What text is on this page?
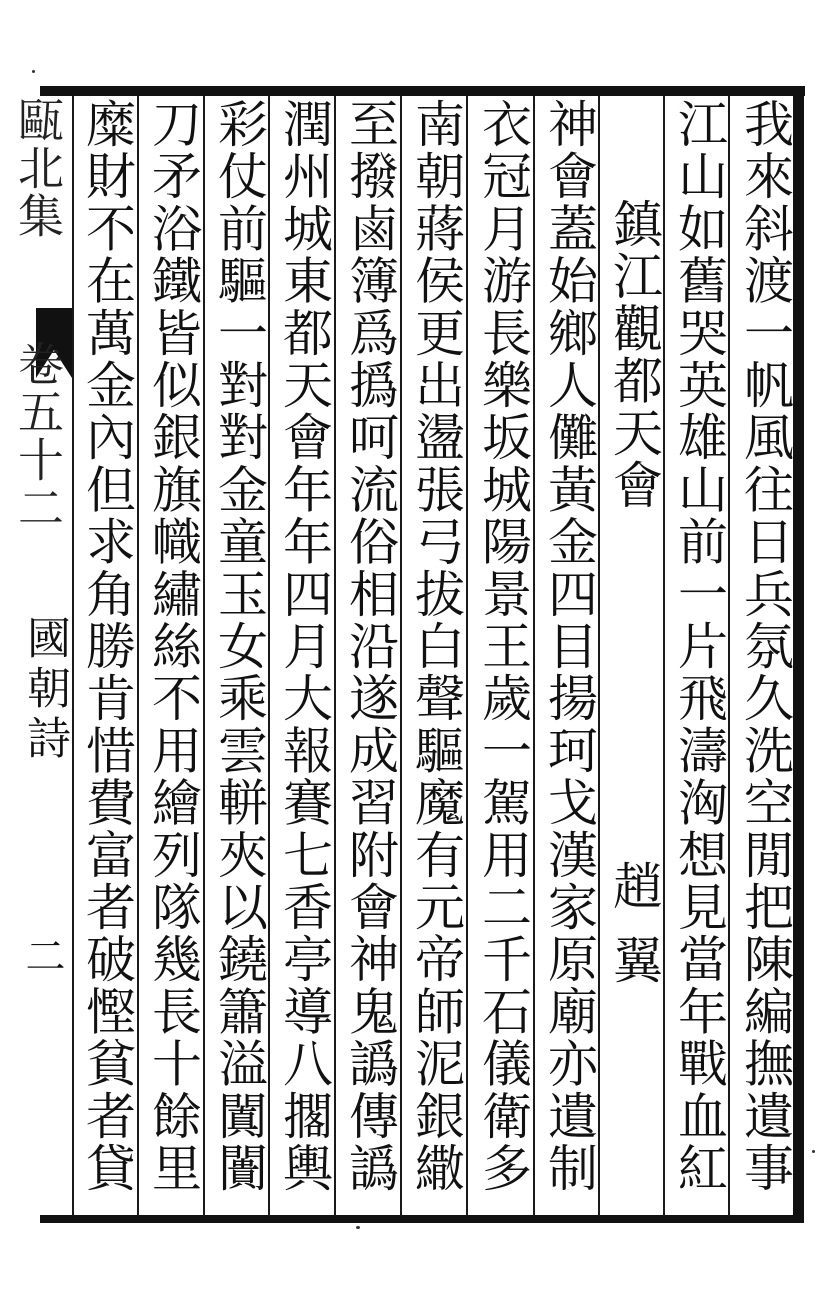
我來斜渡一帆風往日兵氛久洗空閒把陳編撫遺事
江山如舊哭英雄山前一片飛濤洶想見當年戰血紅
鎮江觀都天會
趙翼
神會蓋始鄉人儺黃金四目揚珂戈漢家原廟亦遺制
衣冠月游長樂坂城陽景王歲一駕用二千石儀衛多
南朝蔣侯更出盪張弓拔白聲驅魔有元帝師泥銀繖
至撥鹵簿爲撝呵流俗相沿遂成習附會神鬼譌傳譌
潤州城東都天會年年四月大報賽七香亭導八擱輿
彩仗前驅一對對金童玉女乘雲軿夾以鐃簫溢闐闠
刀矛浴鐵皆似銀旗幟繡絲不用繪列隊幾長十餘里
糜財不在萬金內但求角勝肯惜費富者破慳貧者貸
甌北集
卷五十二
國朝詩
二
